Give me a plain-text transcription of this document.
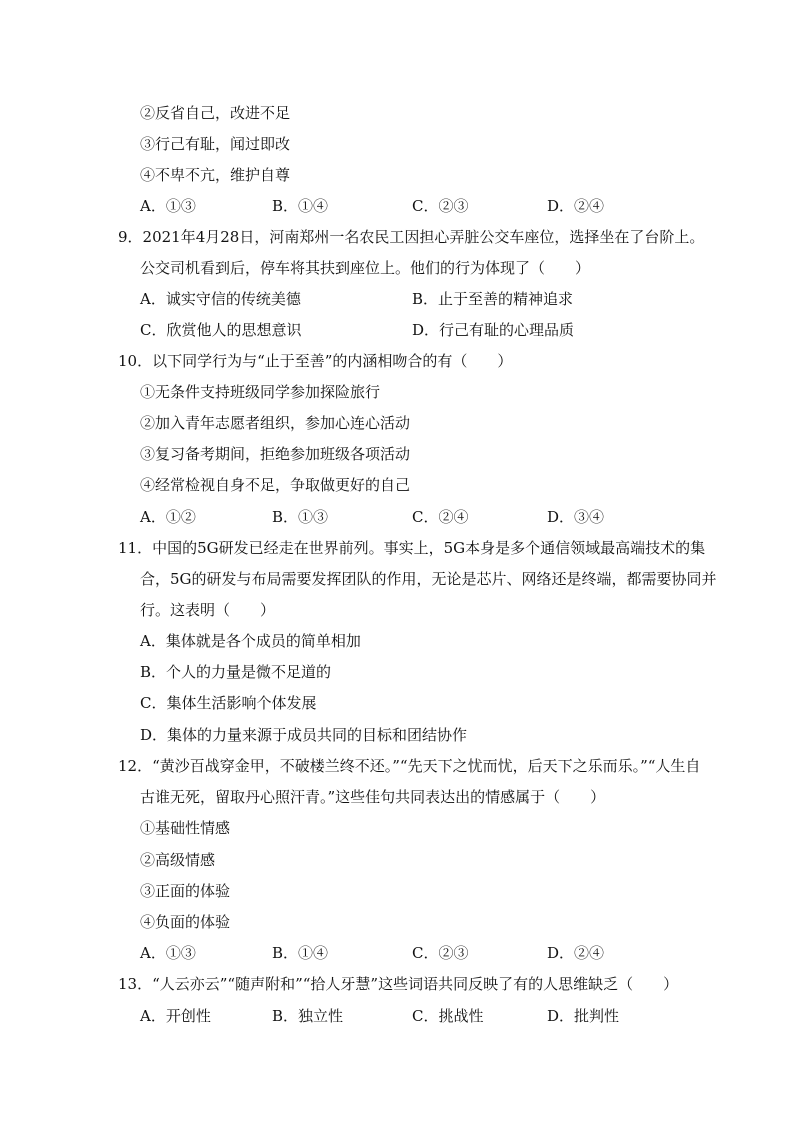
②反省自己，改进不足
③行己有耻，闻过即改
④不卑不亢，维护自尊
A．①③	B．①④	C．②③	D．②④
9．2021年4月28日，河南郑州一名农民工因担心弄脏公交车座位，选择坐在了台阶上。
公交司机看到后，停车将其扶到座位上。他们的行为体现了（　　）
A．诚实守信的传统美德	B．止于至善的精神追求
C．欣赏他人的思想意识	D．行己有耻的心理品质
10．以下同学行为与“止于至善”的内涵相吻合的有（　　）
①无条件支持班级同学参加探险旅行
②加入青年志愿者组织，参加心连心活动
③复习备考期间，拒绝参加班级各项活动
④经常检视自身不足，争取做更好的自己
A．①②	B．①③	C．②④	D．③④
11．中国的5G研发已经走在世界前列。事实上，5G本身是多个通信领域最高端技术的集
合，5G的研发与布局需要发挥团队的作用，无论是芯片、网络还是终端，都需要协同并
行。这表明（　　）
A．集体就是各个成员的简单相加
B．个人的力量是微不足道的
C．集体生活影响个体发展
D．集体的力量来源于成员共同的目标和团结协作
12．“黄沙百战穿金甲，不破楼兰终不还。”“先天下之忧而忧，后天下之乐而乐。”“人生自
古谁无死，留取丹心照汗青。”这些佳句共同表达出的情感属于（　　）
①基础性情感
②高级情感
③正面的体验
④负面的体验
A．①③	B．①④	C．②③	D．②④
13．“人云亦云”“随声附和”“拾人牙慧”这些词语共同反映了有的人思维缺乏（　　）
A．开创性	B．独立性	C．挑战性	D．批判性
